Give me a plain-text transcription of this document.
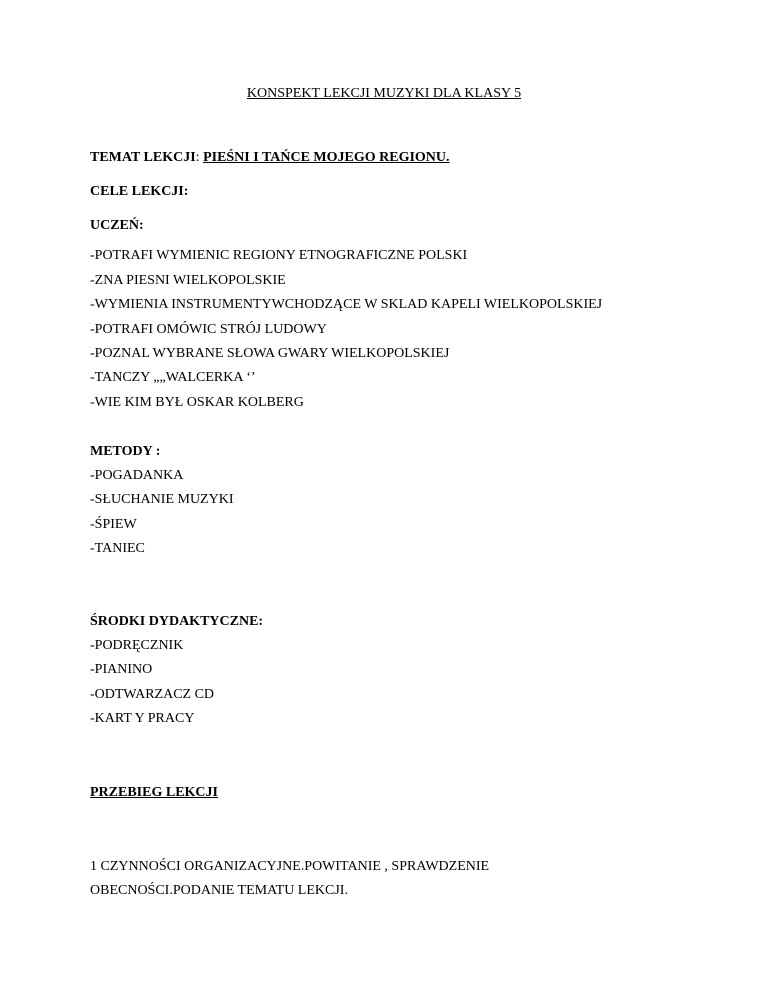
KONSPEKT LEKCJI MUZYKI DLA KLASY 5
TEMAT LEKCJI: PIEŚNI I TAŃCE MOJEGO REGIONU.
CELE LEKCJI:
UCZEŃ:
-POTRAFI WYMIENIC REGIONY ETNOGRAFICZNE POLSKI
-ZNA PIESNI WIELKOPOLSKIE
-WYMIENIA INSTRUMENTYWCHODZĄCE W SKLAD KAPELI WIELKOPOLSKIEJ
-POTRAFI OMÓWIC STRÓJ LUDOWY
-POZNAL WYBRANE SŁOWA GWARY WIELKOPOLSKIEJ
-TANCZY „„WALCERKA ‘’
-WIE KIM BYŁ OSKAR KOLBERG
METODY :
-POGADANKA
-SŁUCHANIE MUZYKI
-ŚPIEW
-TANIEC
ŚRODKI DYDAKTYCZNE:
-PODRĘCZNIK
-PIANINO
-ODTWARZACZ CD
-KART Y PRACY
PRZEBIEG LEKCJI
1 CZYNNOŚCI ORGANIZACYJNE.POWITANIE , SPRAWDZENIE
OBECNOŚCI.PODANIE TEMATU LEKCJI.
